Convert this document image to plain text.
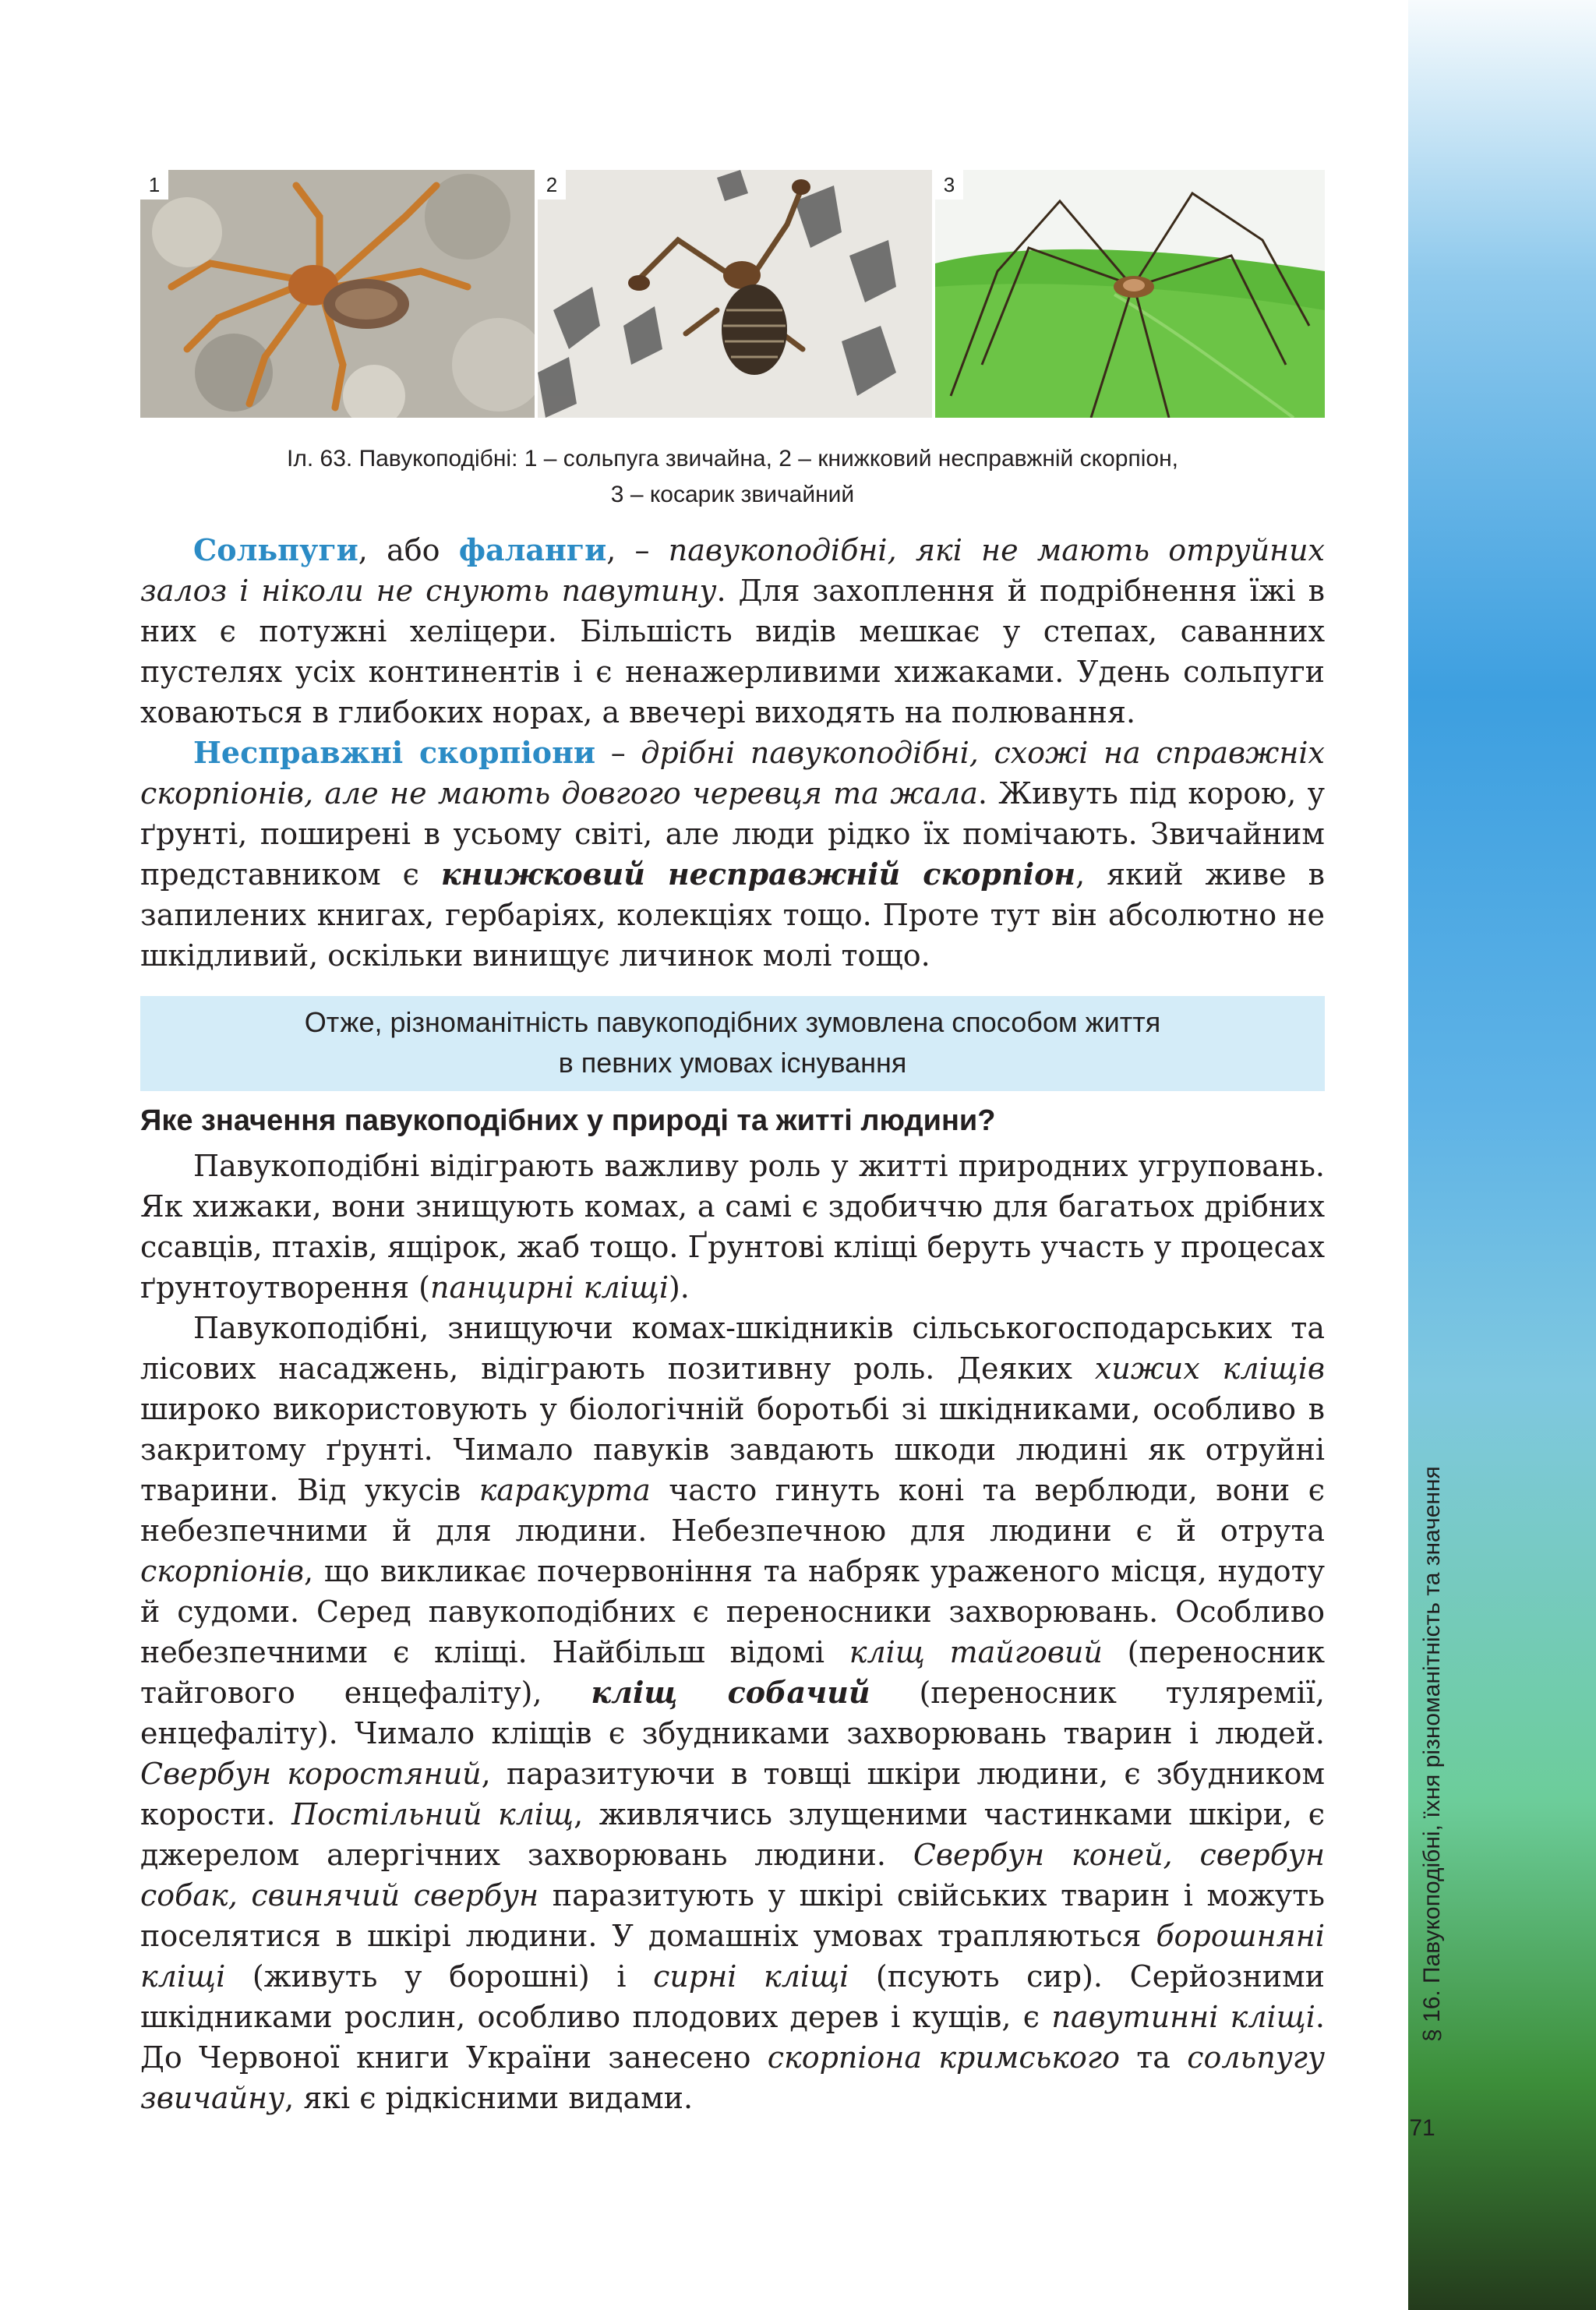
§ 16. Павукоподібні, їхня різноманітність та значення
71
1	2	3
Іл. 63. Павукоподібні: 1 – сольпуга звичайна, 2 – книжковий несправжній скорпіон,
3 – косарик звичайний

Сольпуги, або фаланги, – павукоподібні, які не мають отруйних залоз і ніколи не снують павутину. Для захоплення й подрібнення їжі в них є потужні хеліцери. Більшість видів мешкає у степах, саванних пустелях усіх континентів і є ненажерливими хижаками. Удень сольпуги ховаються в глибоких норах, а ввечері виходять на полювання.

Несправжні скорпіони – дрібні павукоподібні, схожі на справжніх скорпіонів, але не мають довгого черевця та жала. Живуть під корою, у ґрунті, поширені в усьому світі, але люди рідко їх помічають. Звичайним представником є книжковий несправжній скорпіон, який живе в запилених книгах, гербаріях, колекціях тощо. Проте тут він абсолютно не шкідливий, оскільки винищує личинок молі тощо.

Отже, різноманітність павукоподібних зумовлена способом життя
в певних умовах існування
Яке значення павукоподібних у природі та житті людини?

Павукоподібні відіграють важливу роль у житті природних угруповань. Як хижаки, вони знищують комах, а самі є здобиччю для багатьох дрібних ссавців, птахів, ящірок, жаб тощо. Ґрунтові кліщі беруть участь у процесах ґрунтоутворення (панцирні кліщі).

Павукоподібні, знищуючи комах-шкідників сільськогосподарських та лісових насаджень, відіграють позитивну роль. Деяких хижих кліщів широко використовують у біологічній боротьбі зі шкідниками, особливо в закритому ґрунті. Чимало павуків завдають шкоди людині як отруйні тварини. Від укусів каракурта часто гинуть коні та верблюди, вони є небезпечними й для людини. Небезпечною для людини є й отрута скорпіонів, що викликає почервоніння та набряк ураженого місця, нудоту й судоми. Серед павукоподібних є переносники захворювань. Особливо небезпечними є кліщі. Найбільш відомі кліщ тайговий (переносник тайгового енцефаліту), кліщ собачий (переносник туляремії, енцефаліту). Чимало кліщів є збудниками захворювань тварин і людей. Свербун коростяний, паразитуючи в товщі шкіри людини, є збудником корости. Постільний кліщ, живлячись злущеними частинками шкіри, є джерелом алергічних захворювань людини. Свербун коней, свербун собак, свинячий свербун паразитують у шкірі свійських тварин і можуть поселятися в шкірі людини. У домашніх умовах трапляються борошняні кліщі (живуть у борошні) і сирні кліщі (псують сир). Серйозними шкідниками рослин, особливо плодових дерев і кущів, є павутинні кліщі. До Червоної книги України занесено скорпіона кримського та сольпугу звичайну, які є рідкісними видами.
